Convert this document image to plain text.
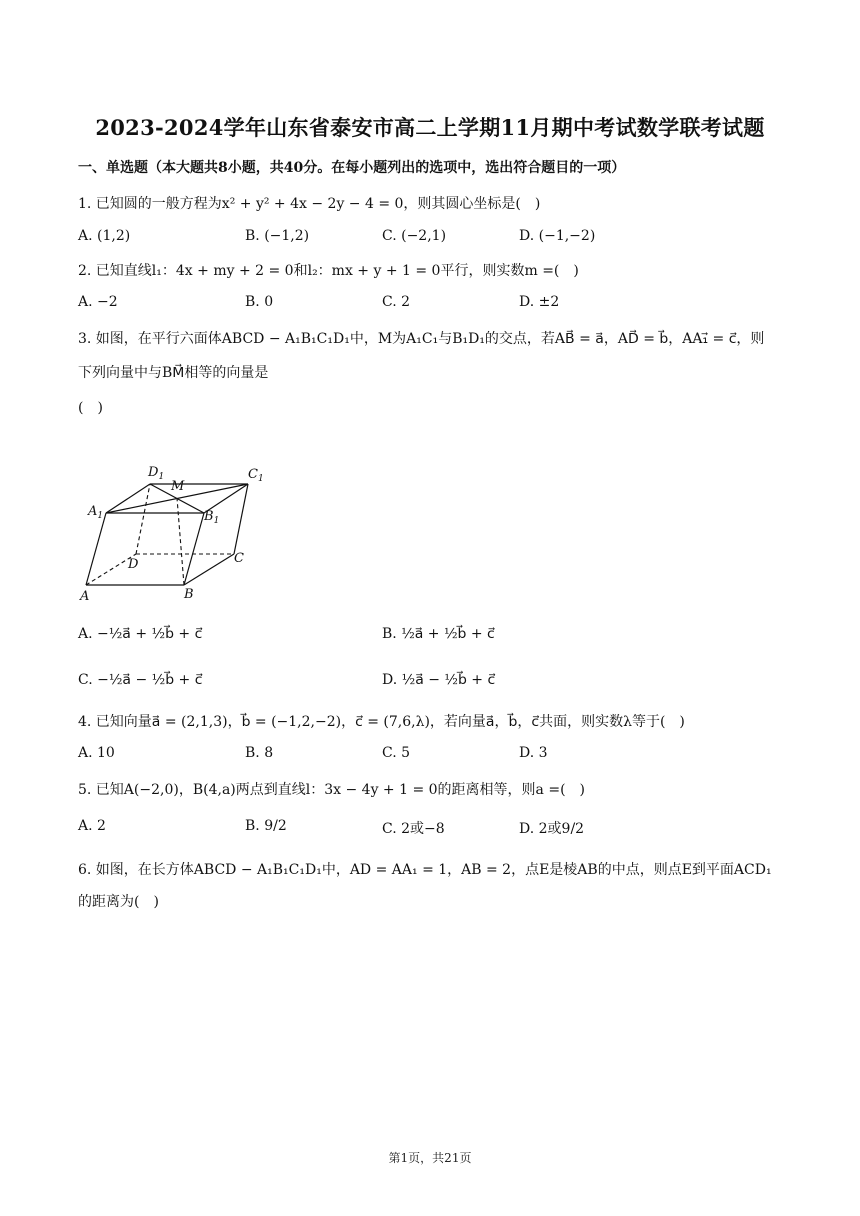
2023-2024学年山东省泰安市高二上学期11月期中考试数学联考试题
一、单选题（本大题共8小题，共40分。在每小题列出的选项中，选出符合题目的一项）
1. 已知圆的一般方程为x² + y² + 4x − 2y − 4 = 0，则其圆心坐标是(　)
A. (1,2)	B. (−1,2)	C. (−2,1)	D. (−1,−2)
2. 已知直线l₁：4x + my + 2 = 0和l₂：mx + y + 1 = 0平行，则实数m =(　)
A. −2	B. 0	C. 2	D. ±2
3. 如图，在平行六面体ABCD − A₁B₁C₁D₁中，M为A₁C₁与B₁D₁的交点，若AB⃗ = a⃗，AD⃗ = b⃗，AA₁⃗ = c⃗，则
下列向量中与BM⃗相等的向量是
(　)
$D_1$
M
$C_1$
$A_1$	$B_1$
D	C
A	B
A. −½a⃗ + ½b⃗ + c⃗	B. ½a⃗ + ½b⃗ + c⃗
C. −½a⃗ − ½b⃗ + c⃗	D. ½a⃗ − ½b⃗ + c⃗
4. 已知向量a⃗ = (2,1,3)，b⃗ = (−1,2,−2)，c⃗ = (7,6,λ)，若向量a⃗，b⃗，c⃗共面，则实数λ等于(　)
A. 10	B. 8	C. 5	D. 3
5. 已知A(−2,0)，B(4,a)两点到直线l：3x − 4y + 1 = 0的距离相等，则a =(　)
A. 2	B. 9/2	C. 2或−8	D. 2或9/2
6. 如图，在长方体ABCD − A₁B₁C₁D₁中，AD = AA₁ = 1，AB = 2，点E是棱AB的中点，则点E到平面ACD₁
的距离为(　)
第1页，共21页
